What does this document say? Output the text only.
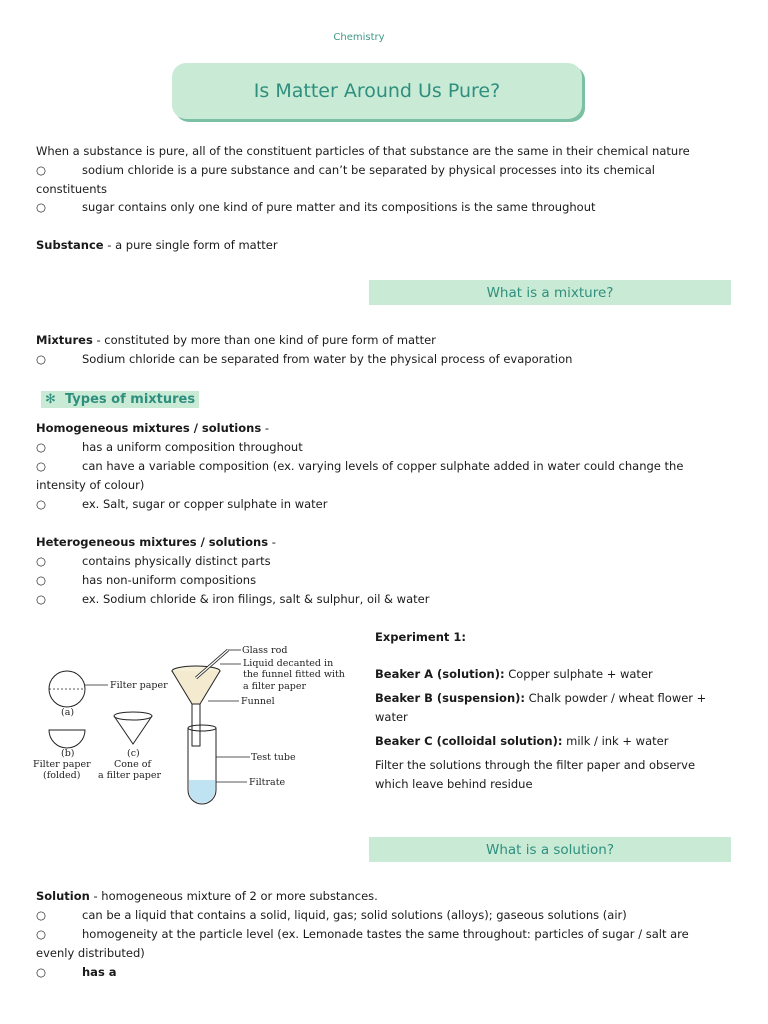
Chemistry
Is Matter Around Us Pure?
When a substance is pure, all of the constituent particles of that substance are the same in their chemical nature
○	sodium chloride is a pure substance and can’t be separated by physical processes into its chemical
constituents
○	sugar contains only one kind of pure matter and its compositions is the same throughout
Substance - a pure single form of matter
What is a mixture?
Mixtures - constituted by more than one kind of pure form of matter
○	Sodium chloride can be separated from water by the physical process of evaporation
✻ Types of mixtures
Homogeneous mixtures / solutions -
○	has a uniform composition throughout
○	can have a variable composition (ex. varying levels of copper sulphate added in water could change the
intensity of colour)
○	ex. Salt, sugar or copper sulphate in water
Heterogeneous mixtures / solutions -
○	contains physically distinct parts
○	has non-uniform compositions
○	ex. Sodium chloride & iron filings, salt & sulphur, oil & water
Filter paper
(a)
(b)
Filter paper
(folded)
(c)
Cone of
a filter paper
Glass rod
Liquid decanted in
the funnel fitted with
a filter paper
Funnel
Test tube
Filtrate
Experiment 1:
Beaker A (solution): Copper sulphate + water
Beaker B (suspension): Chalk powder / wheat flower +
water
Beaker C (colloidal solution): milk / ink + water
Filter the solutions through the filter paper and observe
which leave behind residue
What is a solution?
Solution - homogeneous mixture of 2 or more substances.
○	can be a liquid that contains a solid, liquid, gas; solid solutions (alloys); gaseous solutions (air)
○	homogeneity at the particle level (ex. Lemonade tastes the same throughout: particles of sugar / salt are
evenly distributed)
○	has a
